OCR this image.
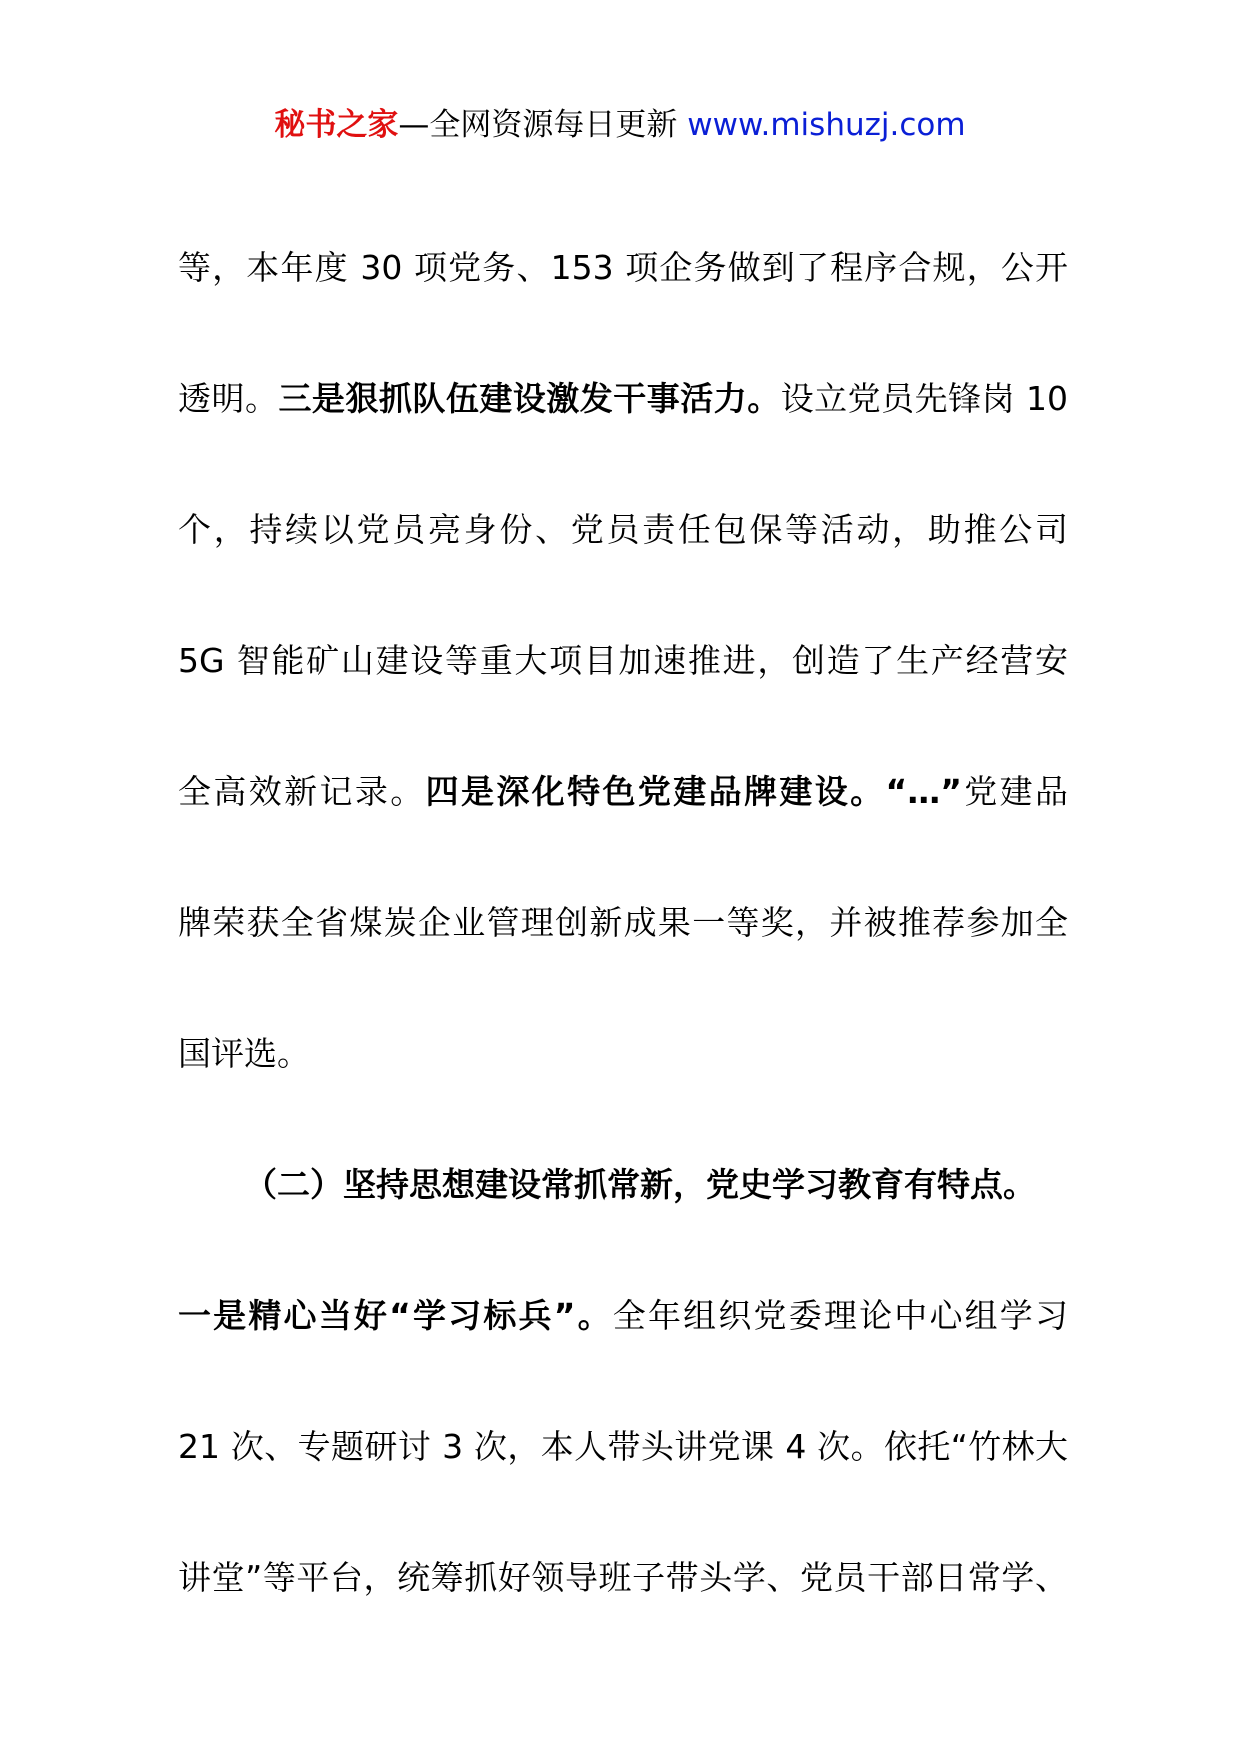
秘书之家—全网资源每日更新 www.mishuzj.com
等，本年度 30 项党务、153 项企务做到了程序合规，公开
透明。三是狠抓队伍建设激发干事活力。设立党员先锋岗 10
个，持续以党员亮身份、党员责任包保等活动，助推公司
5G 智能矿山建设等重大项目加速推进，创造了生产经营安
全高效新记录。四是深化特色党建品牌建设。“…”党建品
牌荣获全省煤炭企业管理创新成果一等奖，并被推荐参加全
国评选。
（二）坚持思想建设常抓常新，党史学习教育有特点。
一是精心当好“学习标兵”。全年组织党委理论中心组学习
21 次、专题研讨 3 次，本人带头讲党课 4 次。依托“竹林大
讲堂”等平台，统筹抓好领导班子带头学、党员干部日常学、
